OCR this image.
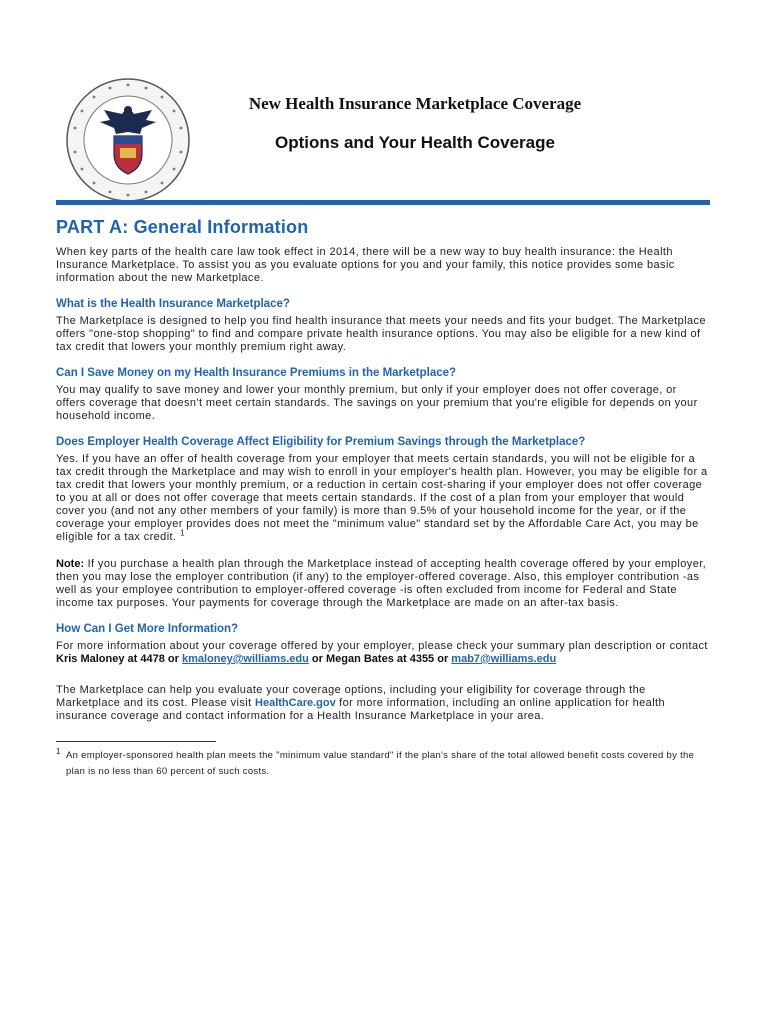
New Health Insurance Marketplace Coverage
Options and Your Health Coverage
PART A: General Information

When key parts of the health care law took effect in 2014, there will be a new way to buy health insurance: the Health Insurance Marketplace. To assist you as you evaluate options for you and your family, this notice provides some basic information about the new Marketplace.

What is the Health Insurance Marketplace?

The Marketplace is designed to help you find health insurance that meets your needs and fits your budget. The Marketplace offers "one-stop shopping" to find and compare private health insurance options. You may also be eligible for a new kind of tax credit that lowers your monthly premium right away.

Can I Save Money on my Health Insurance Premiums in the Marketplace?

You may qualify to save money and lower your monthly premium, but only if your employer does not offer coverage, or offers coverage that doesn't meet certain standards. The savings on your premium that you're eligible for depends on your household income.

Does Employer Health Coverage Affect Eligibility for Premium Savings through the Marketplace?

Yes. If you have an offer of health coverage from your employer that meets certain standards, you will not be eligible for a tax credit through the Marketplace and may wish to enroll in your employer's health plan. However, you may be eligible for a tax credit that lowers your monthly premium, or a reduction in certain cost-sharing if your employer does not offer coverage to you at all or does not offer coverage that meets certain standards. If the cost of a plan from your employer that would cover you (and not any other members of your family) is more than 9.5% of your household income for the year, or if the coverage your employer provides does not meet the "minimum value" standard set by the Affordable Care Act, you may be eligible for a tax credit. $^1$

Note: If you purchase a health plan through the Marketplace instead of accepting health coverage offered by your employer, then you may lose the employer contribution (if any) to the employer-offered coverage. Also, this employer contribution -as well as your employee contribution to employer-offered coverage -is often excluded from income for Federal and State income tax purposes. Your payments for coverage through the Marketplace are made on an after-tax basis.

How Can I Get More Information?

For more information about your coverage offered by your employer, please check your summary plan description or contact Kris Maloney at 4478 or kmaloney@williams.edu or Megan Bates at 4355 or mab7@williams.edu

The Marketplace can help you evaluate your coverage options, including your eligibility for coverage through the Marketplace and its cost. Please visit HealthCare.gov for more information, including an online application for health insurance coverage and contact information for a Health Insurance Marketplace in your area.

$^1$ An employer-sponsored health plan meets the "minimum value standard" if the plan's share of the total allowed benefit costs covered by the plan is no less than 60 percent of such costs.
